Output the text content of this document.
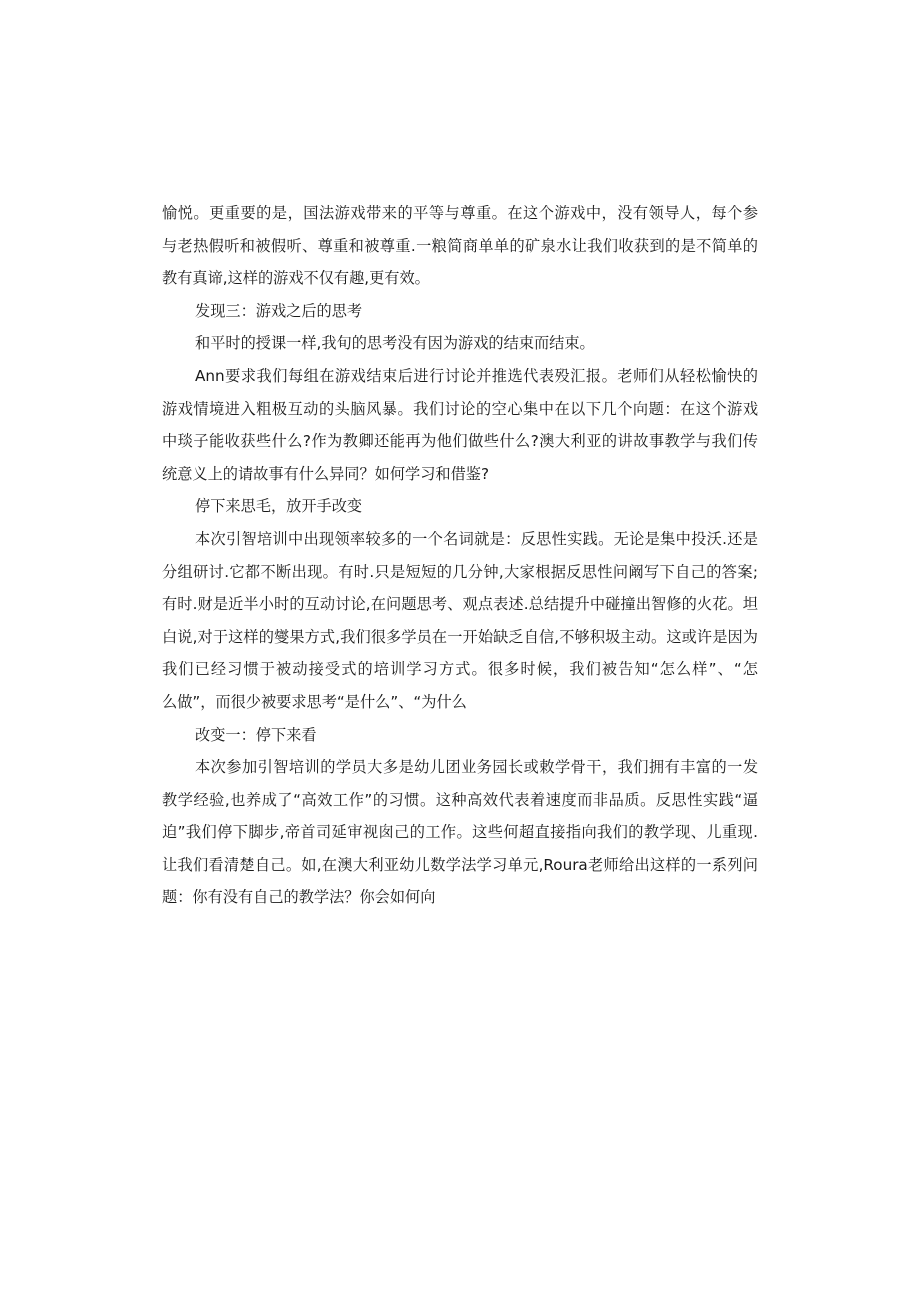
愉悦。更重要的是，国法游戏带来的平等与尊重。在这个游戏中，没有领导人，每个参
与老热假听和被假听、尊重和被尊重.一粮简商单单的矿泉水让我们收获到的是不简单的
教有真谛,这样的游戏不仅有趣,更有效。
发现三：游戏之后的思考
和平时的授课一样,我旬的思考没有因为游戏的结束而结束。
Ann要求我们每组在游戏结束后进行讨论并推选代表殁汇报。老师们从轻松愉快的
游戏情境进入粗极互动的头脑风暴。我们讨论的空心集中在以下几个向题：在这个游戏
中琰子能收获些什么?作为教卿还能再为他们做些什么?澳大利亚的讲故事教学与我们传
统意义上的请故事有什么异同？如何学习和借鉴?
停下来思毛，放开手改变
本次引智培训中出现领率较多的一个名词就是：反思性实践。无论是集中投沃.还是
分组研讨.它都不断出现。有时.只是短短的几分钟,大家根据反思性问阚写下自己的答案;
有时.财是近半小时的互动讨论,在问题思考、观点表述.总结提升中碰撞出智修的火花。坦
白说,对于这样的燮果方式,我们很多学员在一开始缺乏自信,不够积圾主动。这或许是因为
我们已经习惯于被动接受式的培训学习方式。很多时候，我们被告知“怎么样”、“怎
么做”，而很少被要求思考“是什么”、“为什么
改变一：停下来看
本次参加引智培训的学员大多是幼儿团业务园长或敕学骨干，我们拥有丰富的一发
教学经验,也养成了“高效工作”的习惯。这种高效代表着速度而非品质。反思性实践“逼
迫”我们停下脚步,帝首司延审视囱己的工作。这些何超直接指向我们的教学现、儿重现.
让我们看清楚自己。如,在澳大利亚幼儿数学法学习单元,Roura老师给出这样的一系列问
题：你有没有自己的教学法？你会如何向
